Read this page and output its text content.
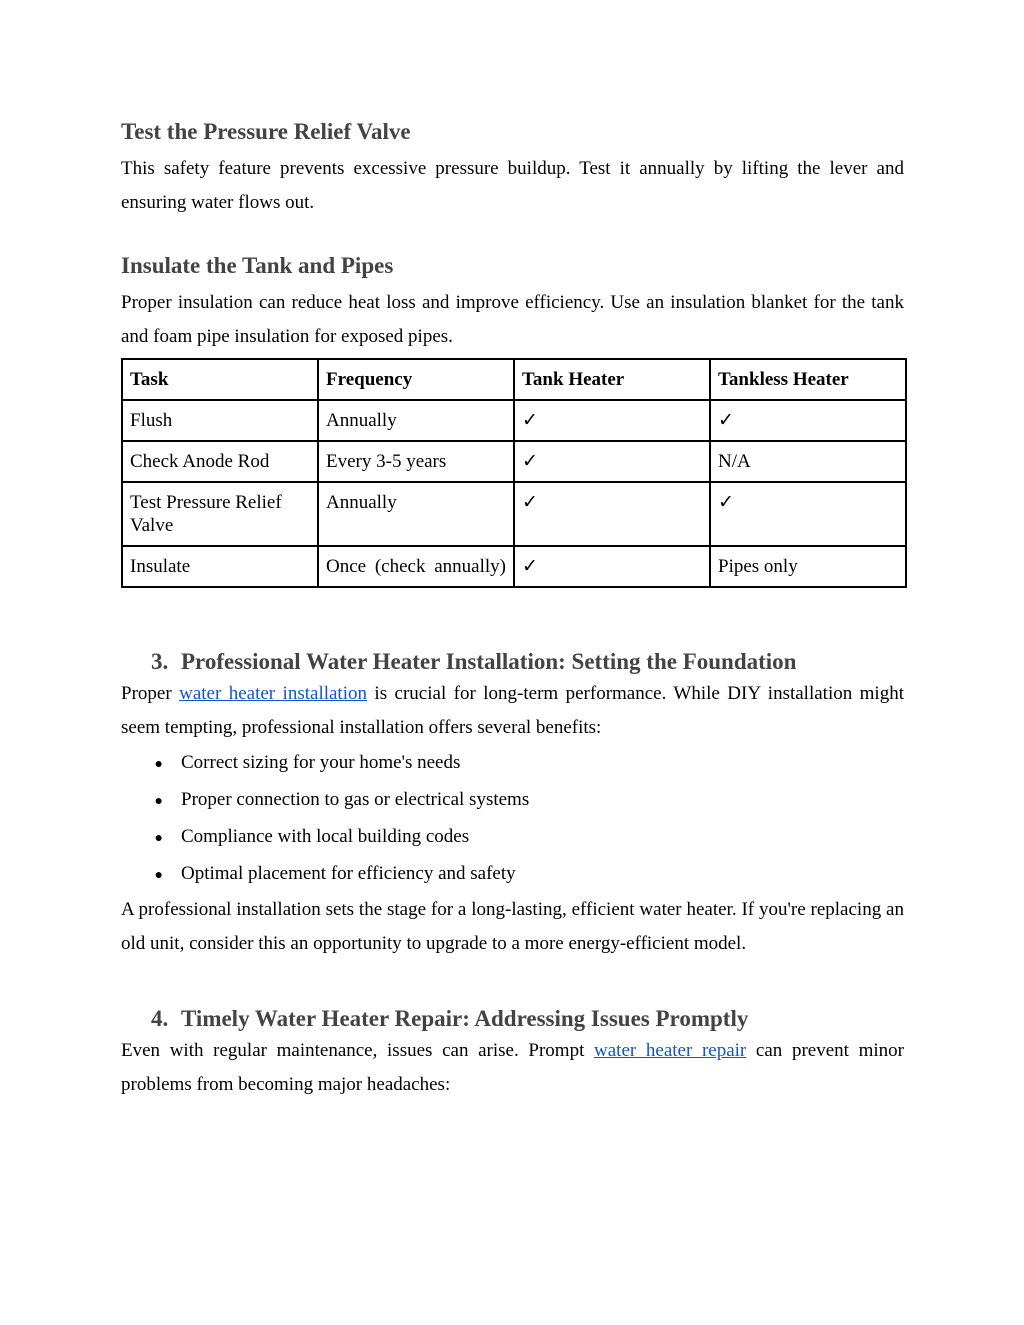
Test the Pressure Relief Valve

This safety feature prevents excessive pressure buildup. Test it annually by lifting the lever and ensuring water flows out.

Insulate the Tank and Pipes

Proper insulation can reduce heat loss and improve efficiency. Use an insulation blanket for the tank and foam pipe insulation for exposed pipes.

Task	Frequency	Tank Heater	Tankless Heater
Flush	Annually	✓	✓
Check Anode Rod	Every 3-5 years	✓	N/A
Test Pressure Relief Valve	Annually	✓	✓
Insulate	Once (check annually)	✓	Pipes only
3. Professional Water Heater Installation: Setting the Foundation

Proper water heater installation is crucial for long-term performance. While DIY installation might seem tempting, professional installation offers several benefits:

●
Correct sizing for your home's needs
●
Proper connection to gas or electrical systems
●
Compliance with local building codes
●
Optimal placement for efficiency and safety

A professional installation sets the stage for a long-lasting, efficient water heater. If you're replacing an old unit, consider this an opportunity to upgrade to a more energy-efficient model.

4. Timely Water Heater Repair: Addressing Issues Promptly

Even with regular maintenance, issues can arise. Prompt water heater repair can prevent minor problems from becoming major headaches:
